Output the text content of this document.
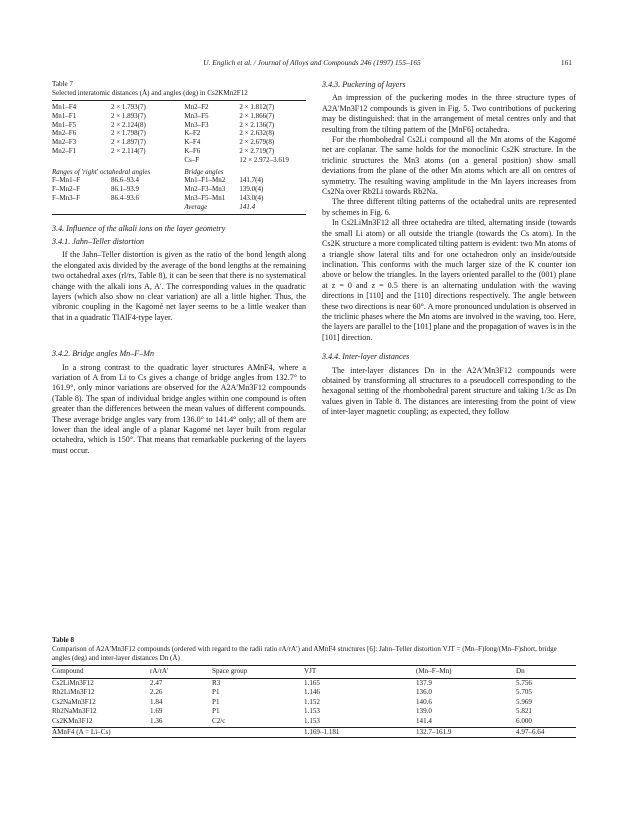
U. Englich et al. / Journal of Alloys and Compounds 246 (1997) 155–165	161
Table 7
Selected interatomic distances (Å) and angles (deg) in Cs2KMn2F12
Mn1–F4	2 × 1.793(7)	Mn2–F2	2 × 1.812(7)
Mn1–F1	2 × 1.893(7)	Mn3–F5	2 × 1.866(7)
Mn1–F5	2 × 2.124(8)	Mn3–F3	2 × 2.136(7)
Mn2–F6	2 × 1.798(7)	K–F2	2 × 2.632(8)
Mn2–F3	2 × 1.897(7)	K–F4	2 × 2.679(8)
Mn2–F1	2 × 2.114(7)	K–F6	2 × 2.719(7)
		Cs–F	12 × 2.972–3.619
Ranges of 'right' octahedral angles		Bridge angles	
F–Mn1–F	86.6–93.4	Mn1–F1–Mn2	141.7(4)
F–Mn2–F	86.1–93.9	Mn2–F3–Mn3	139.0(4)
F–Mn3–F	86.4–93.6	Mn3–F5–Mn1	143.0(4)
		Average	141.4
3.4. Influence of the alkali ions on the layer geometry
3.4.1. Jahn–Teller distortion

If the Jahn–Teller distortion is given as the ratio of the bond length along the elongated axis divided by the average of the bond lengths at the remaining two octahedral axes (rl/rs, Table 8), it can be seen that there is no systematical change with the alkali ions A, A′. The corresponding values in the quadratic layers (which also show no clear variation) are all a little higher. Thus, the vibronic coupling in the Kagomé net layer seems to be a little weaker than that in a quadratic TlAlF4-type layer.

3.4.2. Bridge angles Mn–F–Mn

In a strong contrast to the quadratic layer structures AMnF4, where a variation of A from Li to Cs gives a change of bridge angles from 132.7° to 161.9°, only minor variations are observed for the A2A′Mn3F12 compounds (Table 8). The span of individual bridge angles within one compound is often greater than the differences between the mean values of different compounds. These average bridge angles vary from 136.0° to 141.4° only; all of them are lower than the ideal angle of a planar Kagomé net layer built from regular octahedra, which is 150°. That means that remarkable puckering of the layers must occur.

3.4.3. Puckering of layers

An impression of the puckering modes in the three structure types of A2A′Mn3F12 compounds is given in Fig. 5. Two contributions of puckering may be distinguished: that in the arrangement of metal centres only and that resulting from the tilting pattern of the [MnF6] octahedra.

For the rhombohedral Cs2Li compound all the Mn atoms of the Kagomé net are coplanar. The same holds for the monoclinic Cs2K structure. In the triclinic structures the Mn3 atoms (on a general position) show small deviations from the plane of the other Mn atoms which are all on centres of symmetry. The resulting waving amplitude in the Mn layers increases from Cs2Na over Rb2Li towards Rb2Na.

The three different tilting patterns of the octahedral units are represented by schemes in Fig. 6.

In Cs2LiMn3F12 all three octahedra are tilted, alternating inside (towards the small Li atom) or all outside the triangle (towards the Cs atom). In the Cs2K structure a more complicated tilting pattern is evident: two Mn atoms of a triangle show lateral tilts and for one octahedron only an inside/outside inclination. This conforms with the much larger size of the K counter ion above or below the triangles. In the layers oriented parallel to the (001) plane at z = 0 and z = 0.5 there is an alternating undulation with the waving directions in [110] and the [110] directions respectively. The angle between these two directions is near 60°. A more pronounced undulation is observed in the triclinic phases where the Mn atoms are involved in the waving, too. Here, the layers are parallel to the [101] plane and the propagation of waves is in the [101] direction.

3.4.4. Inter-layer distances

The inter-layer distances Dn in the A2A′Mn3F12 compounds were obtained by transforming all structures to a pseudocell corresponding to the hexagonal setting of the rhombohedral parent structure and taking 1/3c as Dn values given in Table 8. The distances are interesting from the point of view of inter-layer magnetic coupling; as expected, they follow

Table 8
Comparison of A2A′Mn3F12 compounds (ordered with regard to the radii ratio rA/rA′) and AMnF4 structures [6]: Jahn–Teller distortion VJT = (Mn–F)long/(Mn–F)short, bridge angles (deg) and inter-layer distances Dn (Å)
Compound	rA/rA′	Space group	VJT	(Mn–F–Mn)	Dn
Cs2LiMn3F12	2.47	R3	1.165	137.9	5.756
Rb2LiMn3F12	2.26	P1	1.146	136.0	5.705
Cs2NaMn3F12	1.84	P1	1.152	140.6	5.969
Rb2NaMn3F12	1.69	P1	1.153	139.0	5.821
Cs2KMn3F12	1.36	C2/c	1.153	141.4	6.000
AMnF4 (A = Li–Cs)			1.169–1.181	132.7–161.9	4.97–6.64
